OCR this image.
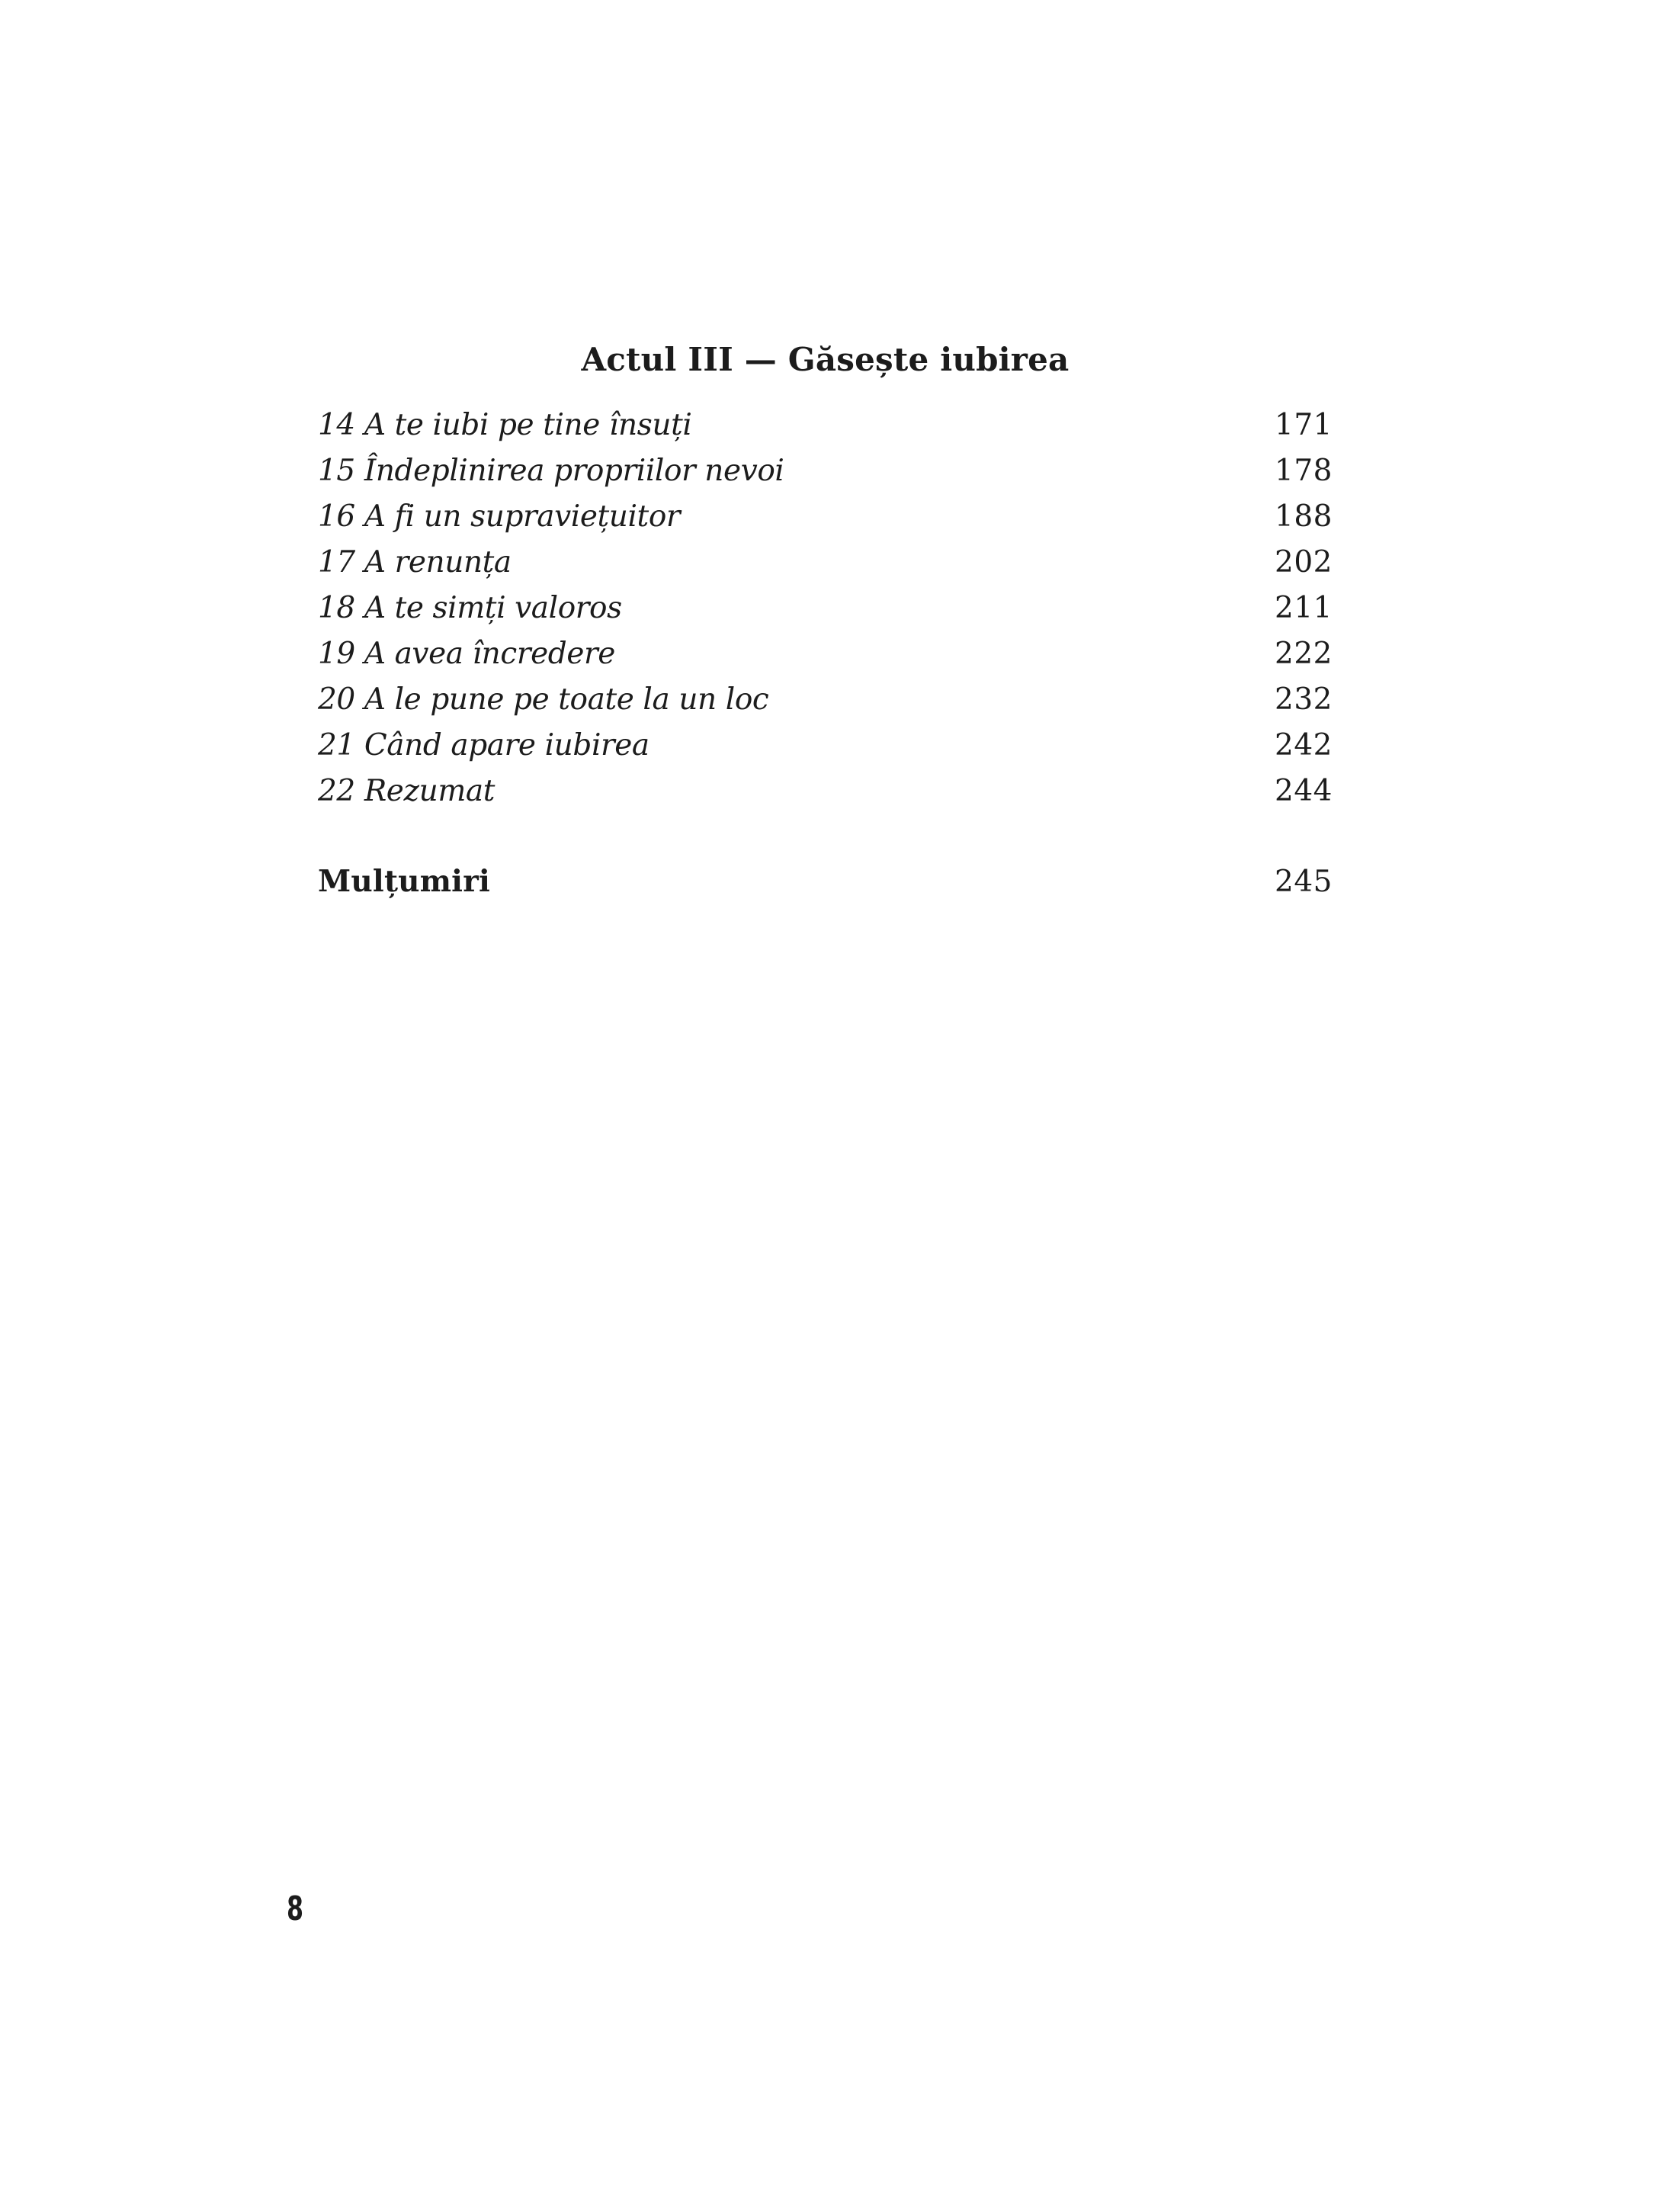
Actul III — Găsește iubirea
14 A te iubi pe tine însuți	171
15 Îndeplinirea propriilor nevoi	178
16 A fi un supraviețuitor	188
17 A renunța	202
18 A te simți valoros	211
19 A avea încredere	222
20 A le pune pe toate la un loc	232
21 Când apare iubirea	242
22 Rezumat	244
Mulțumiri	245
8
